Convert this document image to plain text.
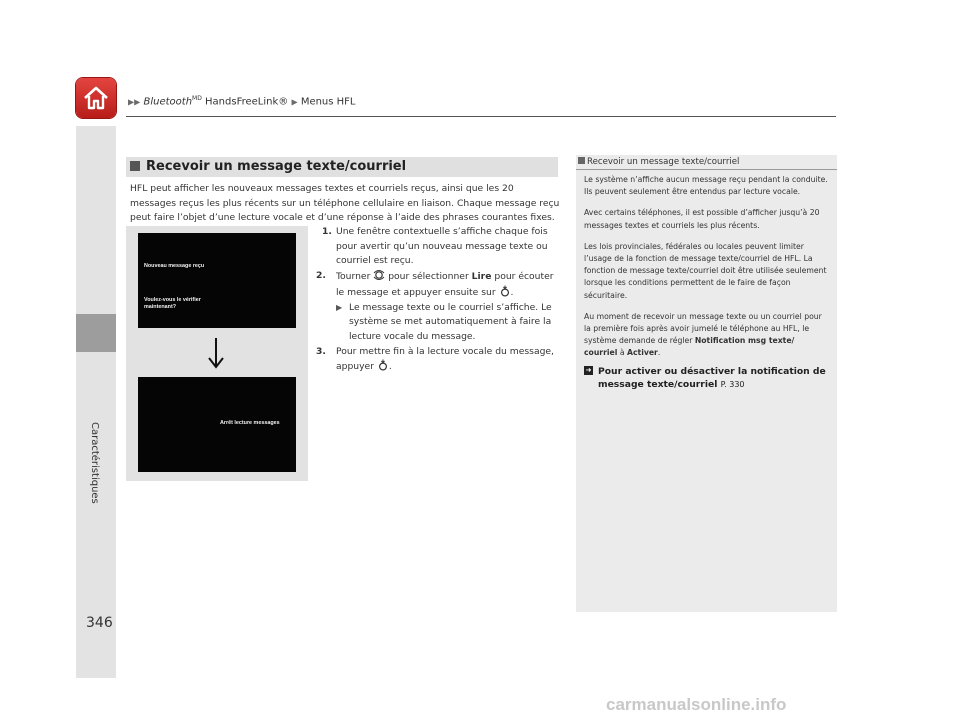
▶▶ Bluetooth$^{MD}$ HandsFreeLink® ▶ Menus HFL
Caractéristiques
346
Recevoir un message texte/courriel
HFL peut afficher les nouveaux messages textes et courriels reçus, ainsi que les 20 messages reçus les plus récents sur un téléphone cellulaire en liaison. Chaque message reçu peut faire l’objet d’une lecture vocale et d’une réponse à l’aide des phrases courantes fixes.
Nouveau message reçu
Voulez-vous le vérifier maintenant?
Arrêt lecture messages
1. Une fenêtre contextuelle s’affiche chaque fois pour avertir qu’un nouveau message texte ou courriel est reçu.
2. Tourner pour sélectionner Lire pour écouter le message et appuyer ensuite sur .
▶ Le message texte ou le courriel s’affiche. Le système se met automatiquement à faire la lecture vocale du message.
3. Pour mettre fin à la lecture vocale du message, appuyer .
Recevoir un message texte/courriel

Le système n’affiche aucun message reçu pendant la conduite. Ils peuvent seulement être entendus par lecture vocale.

Avec certains téléphones, il est possible d’afficher jusqu’à 20 messages textes et courriels les plus récents.

Les lois provinciales, fédérales ou locales peuvent limiter l’usage de la fonction de message texte/courriel de HFL. La fonction de message texte/courriel doit être utilisée seulement lorsque les conditions permettent de le faire de façon sécuritaire.

Au moment de recevoir un message texte ou un courriel pour la première fois après avoir jumelé le téléphone au HFL, le système demande de régler Notification msg texte/ courriel à Activer.

➜ Pour activer ou désactiver la notification de message texte/courriel P. 330
carmanualsonline.info
